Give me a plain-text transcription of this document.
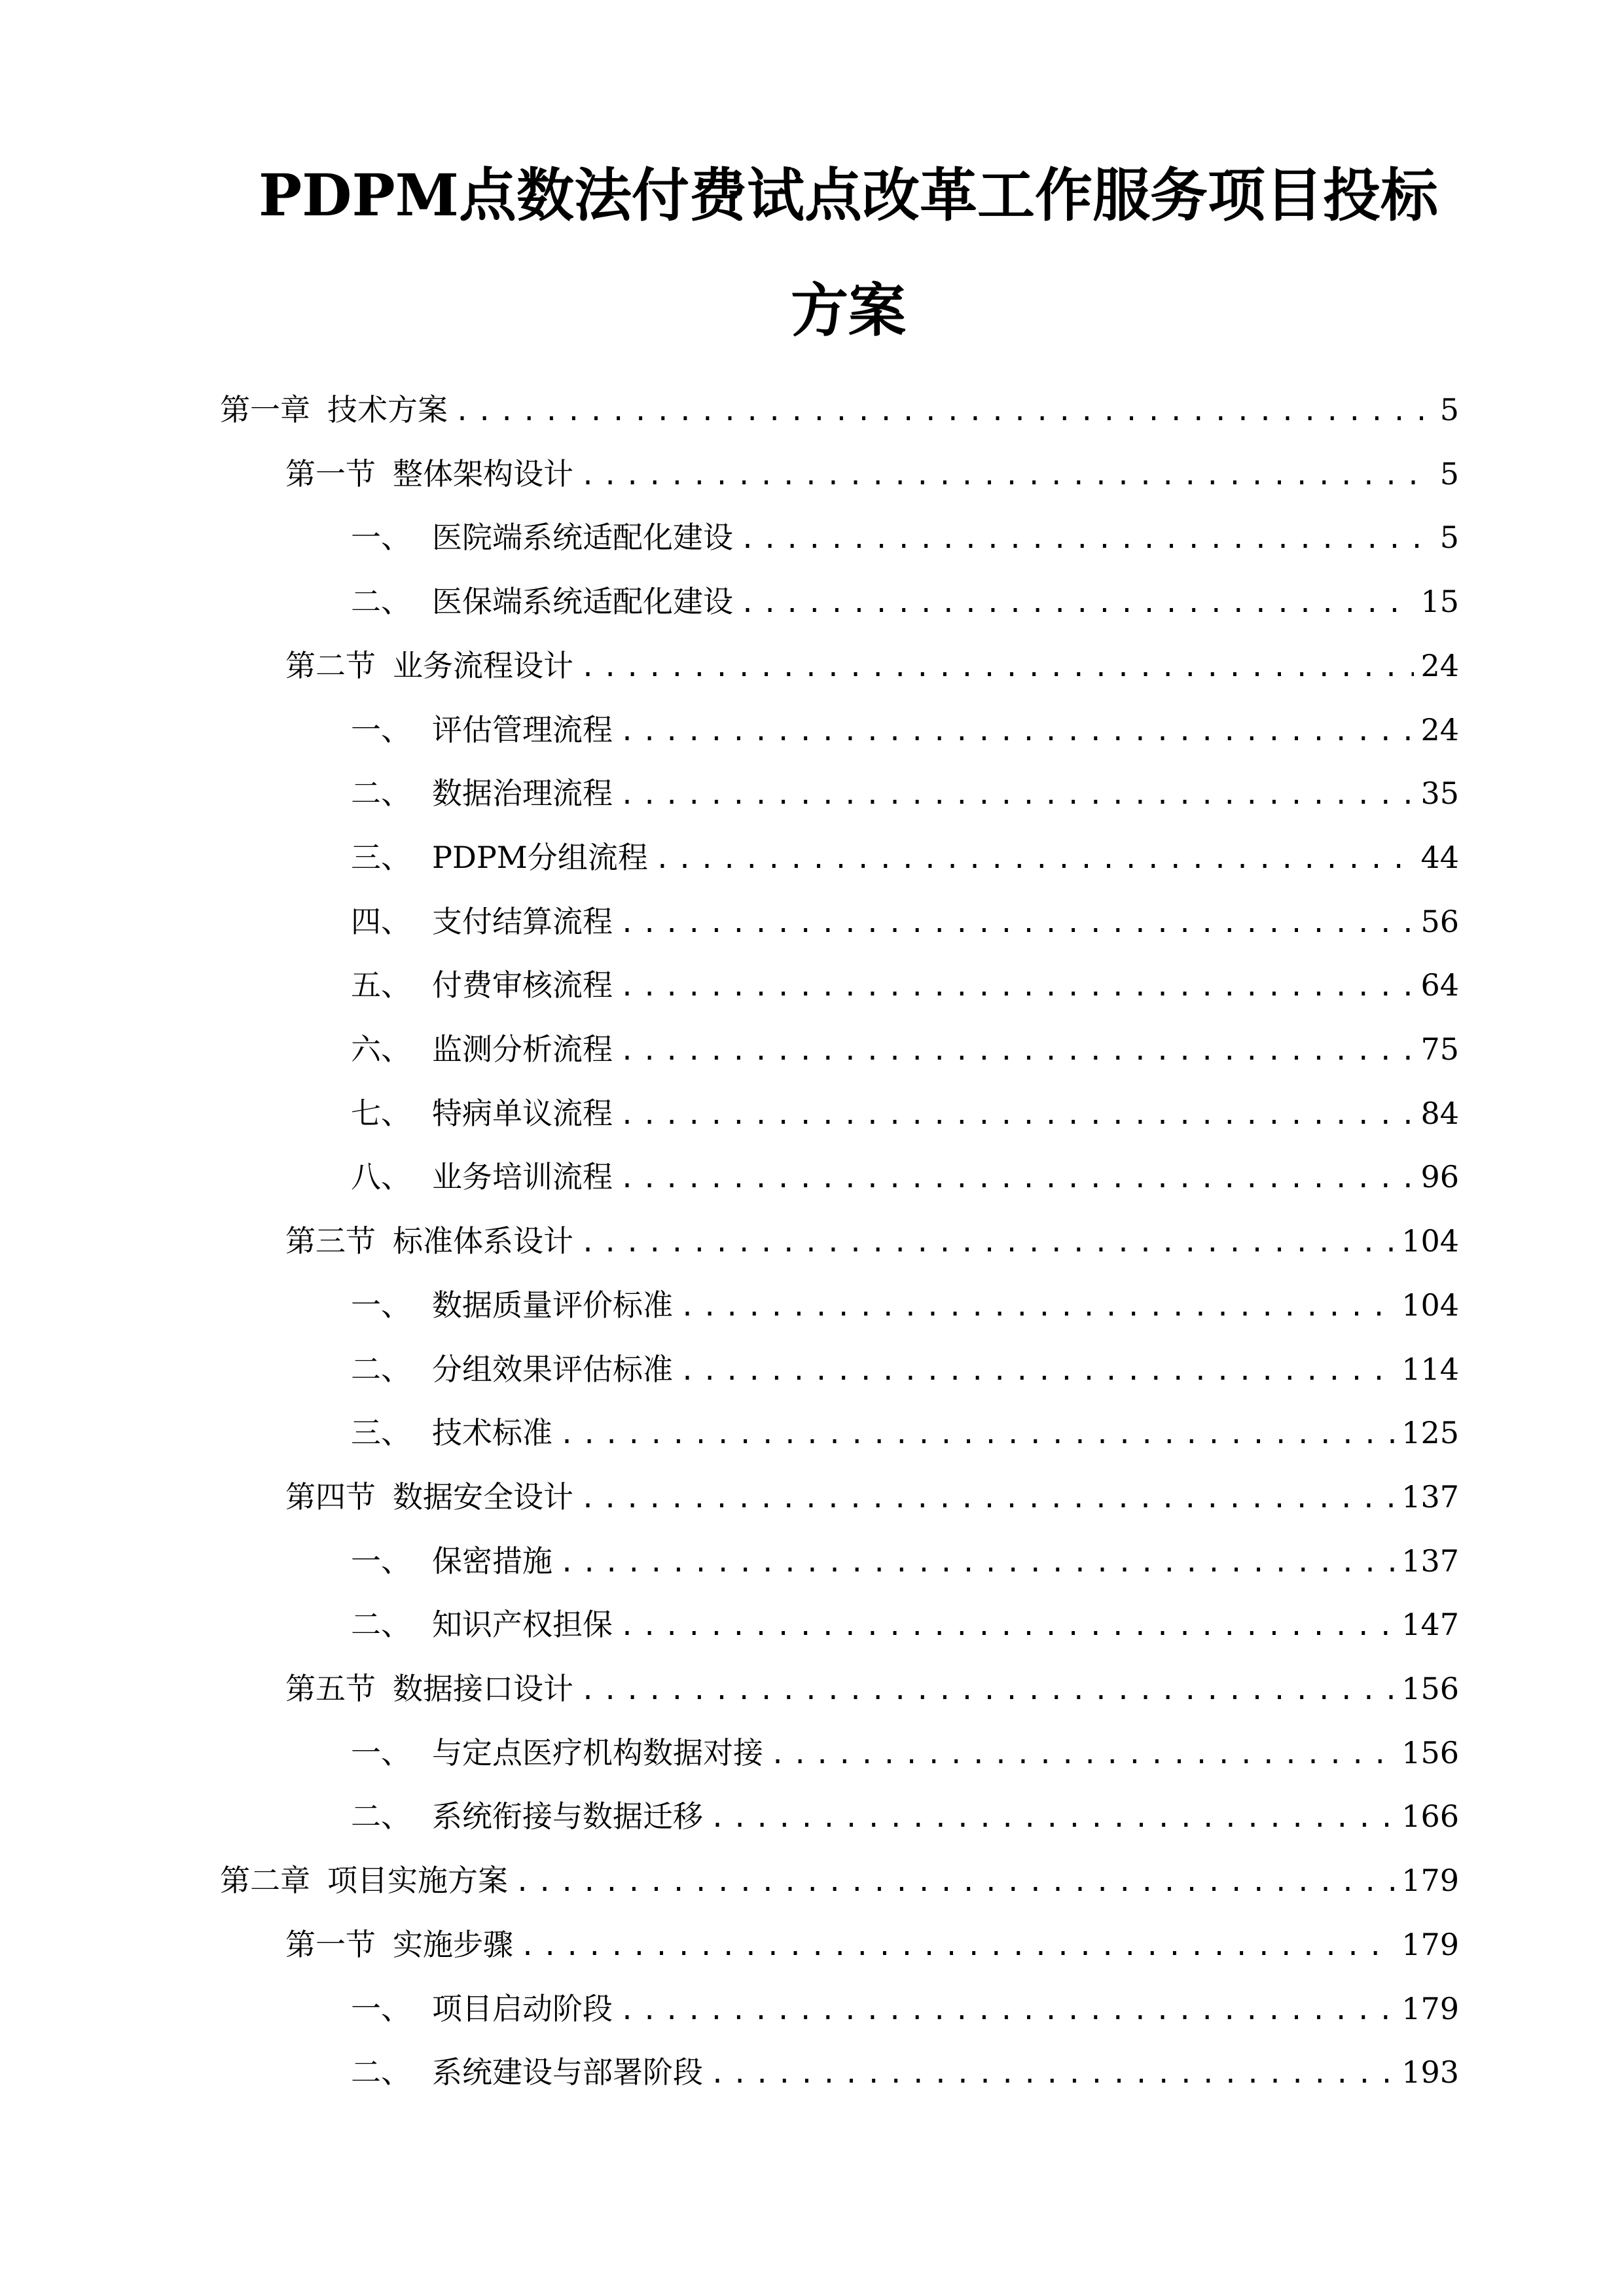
PDPM点数法付费试点改革工作服务项目投标
方案
第一章 技术方案 .....	5
第一节 整体架构设计 .....	5
一、 医院端系统适配化建设 .....	5
二、 医保端系统适配化建设 .....	15
第二节 业务流程设计 .....	24
一、 评估管理流程 .....	24
二、 数据治理流程 .....	35
三、 PDPM分组流程 .....	44
四、 支付结算流程 .....	56
五、 付费审核流程 .....	64
六、 监测分析流程 .....	75
七、 特病单议流程 .....	84
八、 业务培训流程 .....	96
第三节 标准体系设计 .....	104
一、 数据质量评价标准 .....	104
二、 分组效果评估标准 .....	114
三、 技术标准 .....	125
第四节 数据安全设计 .....	137
一、 保密措施 .....	137
二、 知识产权担保 .....	147
第五节 数据接口设计 .....	156
一、 与定点医疗机构数据对接 .....	156
二、 系统衔接与数据迁移 .....	166
第二章 项目实施方案 .....	179
第一节 实施步骤 .....	179
一、 项目启动阶段 .....	179
二、 系统建设与部署阶段 .....	193
